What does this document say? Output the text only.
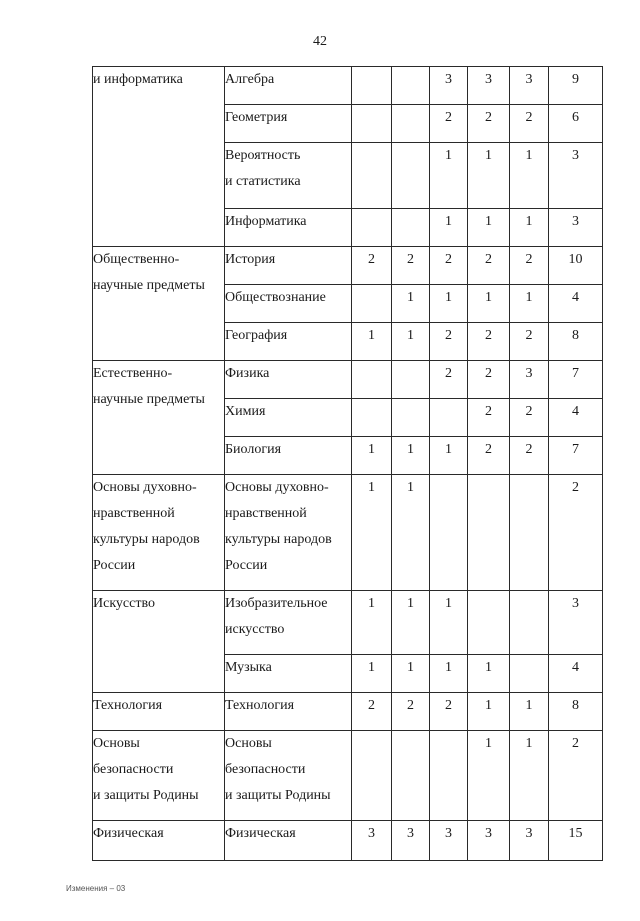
42
и информатика	Алгебра			3	3	3	9
	Геометрия			2	2	2	6
	Вероятность
и статистика			1	1	1	3
	Информатика			1	1	1	3
Общественно-
научные предметы	История	2	2	2	2	2	10
	Обществознание		1	1	1	1	4
	География	1	1	2	2	2	8
Естественно-
научные предметы	Физика			2	2	3	7
	Химия				2	2	4
	Биология	1	1	1	2	2	7
Основы духовно-
нравственной
культуры народов
России	Основы духовно-
нравственной
культуры народов
России	1	1				2
Искусство	Изобразительное
искусство	1	1	1			3
	Музыка	1	1	1	1		4
Технология	Технология	2	2	2	1	1	8
Основы
безопасности
и защиты Родины	Основы
безопасности
и защиты Родины				1	1	2
Физическая	Физическая	3	3	3	3	3	15
Изменения – 03
